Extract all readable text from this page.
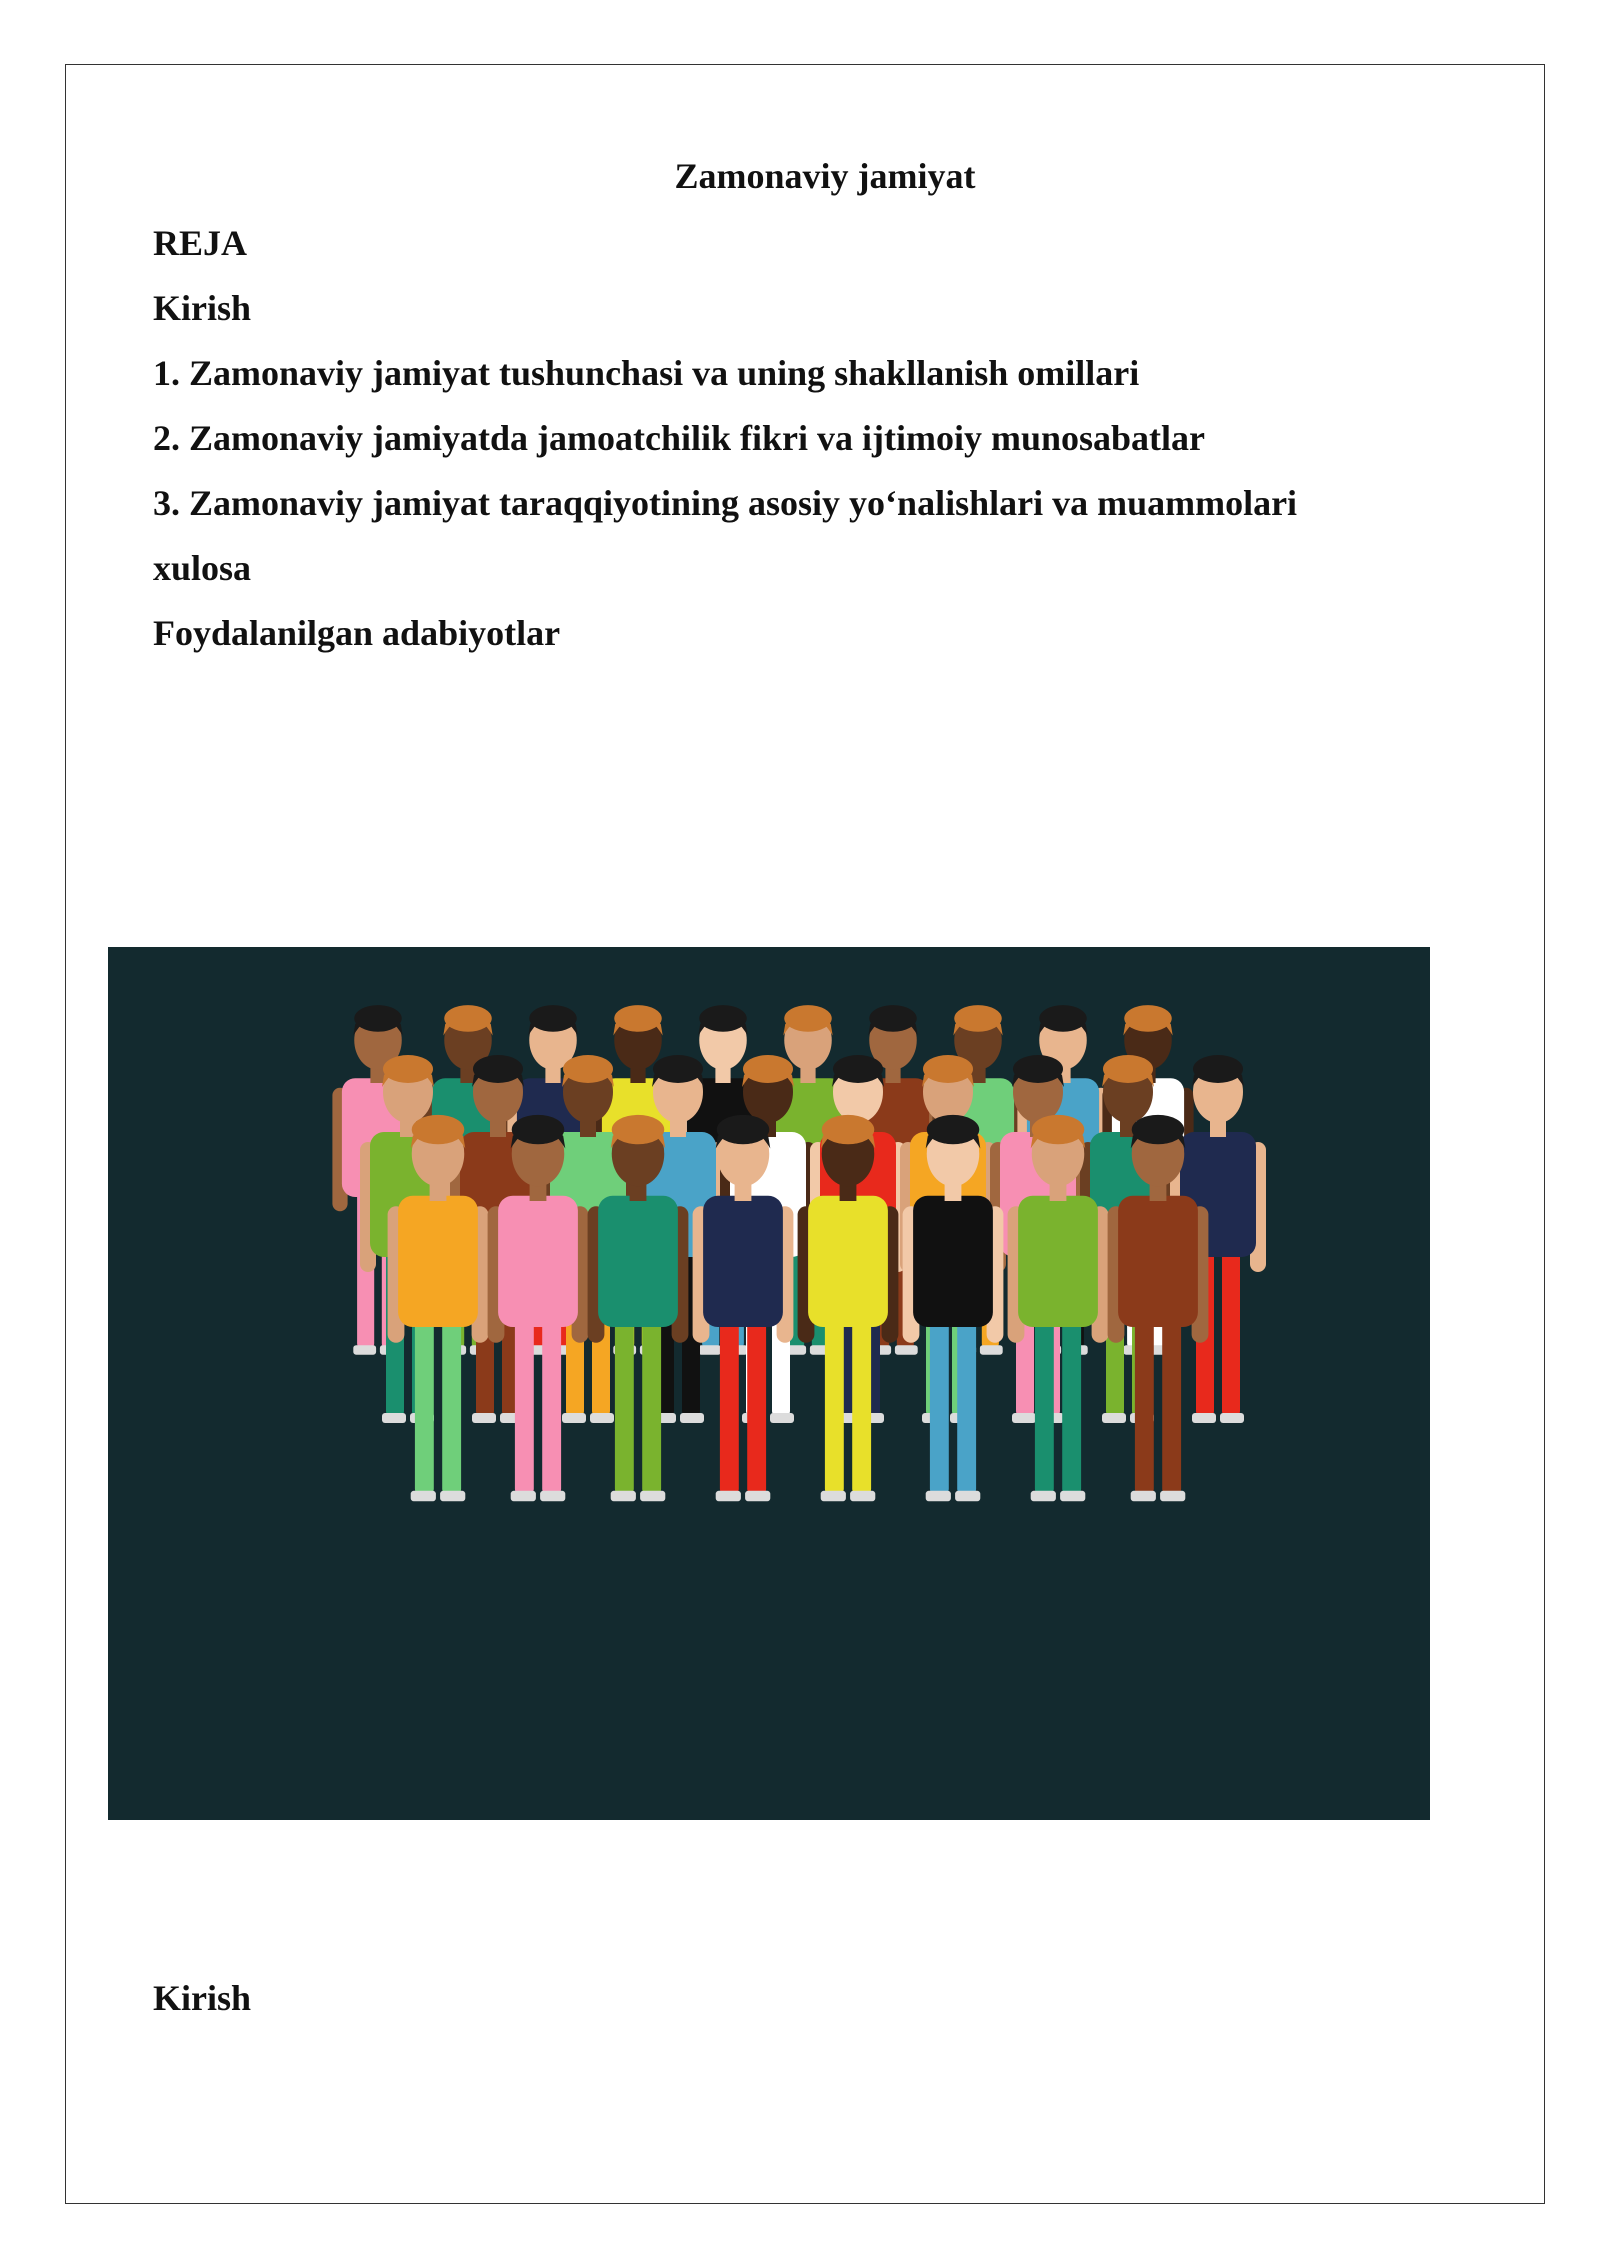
Zamonaviy jamiyat
REJA
Kirish
1. Zamonaviy jamiyat tushunchasi va uning shakllanish omillari
2. Zamonaviy jamiyatda jamoatchilik fikri va ijtimoiy munosabatlar
3. Zamonaviy jamiyat taraqqiyotining asosiy yo‘nalishlari va muammolari
xulosa
Foydalanilgan adabiyotlar
Kirish
